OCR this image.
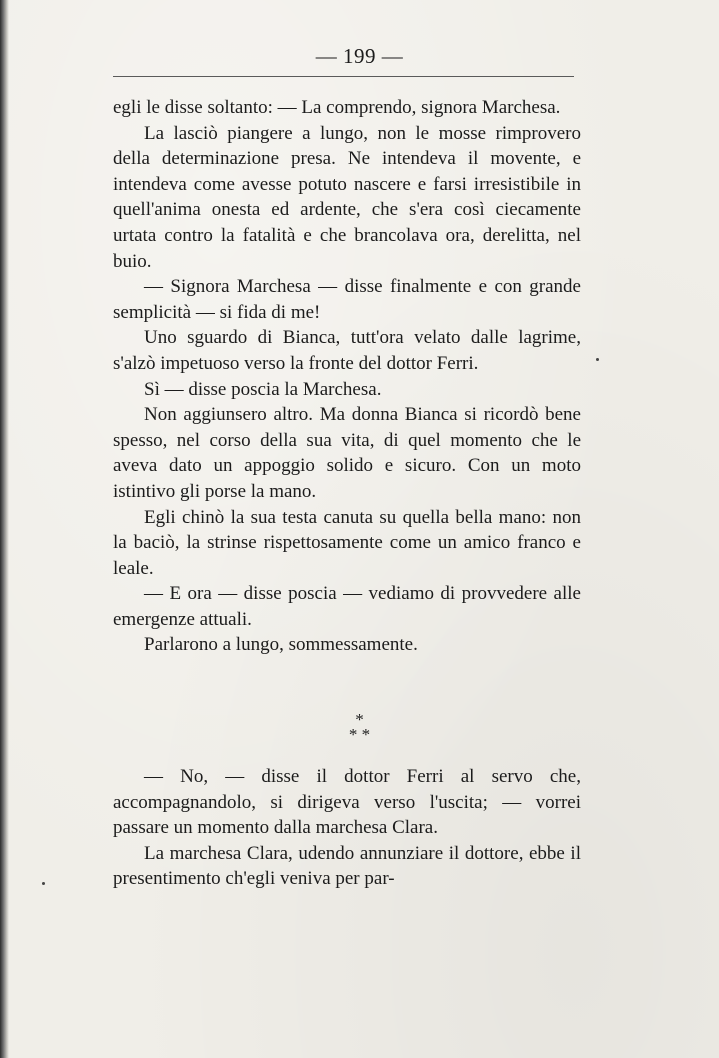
— 199 —

egli le disse soltanto: — La comprendo, signora Marchesa.

La lasciò piangere a lungo, non le mosse rimprovero della determinazione presa. Ne intendeva il movente, e intendeva come avesse potuto nascere e farsi irresistibile in quell'anima onesta ed ardente, che s'era così ciecamente urtata contro la fatalità e che brancolava ora, derelitta, nel buio.

— Signora Marchesa — disse finalmente e con grande semplicità — si fida di me!

Uno sguardo di Bianca, tutt'ora velato dalle lagrime, s'alzò impetuoso verso la fronte del dottor Ferri.

Sì — disse poscia la Marchesa.

Non aggiunsero altro. Ma donna Bianca si ricordò bene spesso, nel corso della sua vita, di quel momento che le aveva dato un appoggio solido e sicuro. Con un moto istintivo gli porse la mano.

Egli chinò la sua testa canuta su quella bella mano: non la baciò, la strinse rispettosamente come un amico franco e leale.

— E ora — disse poscia — vediamo di provvedere alle emergenze attuali.

Parlarono a lungo, sommessamente.

*
* *

— No, — disse il dottor Ferri al servo che, accompagnandolo, si dirigeva verso l'uscita; — vorrei passare un momento dalla marchesa Clara.

La marchesa Clara, udendo annunziare il dottore, ebbe il presentimento ch'egli veniva per par-
